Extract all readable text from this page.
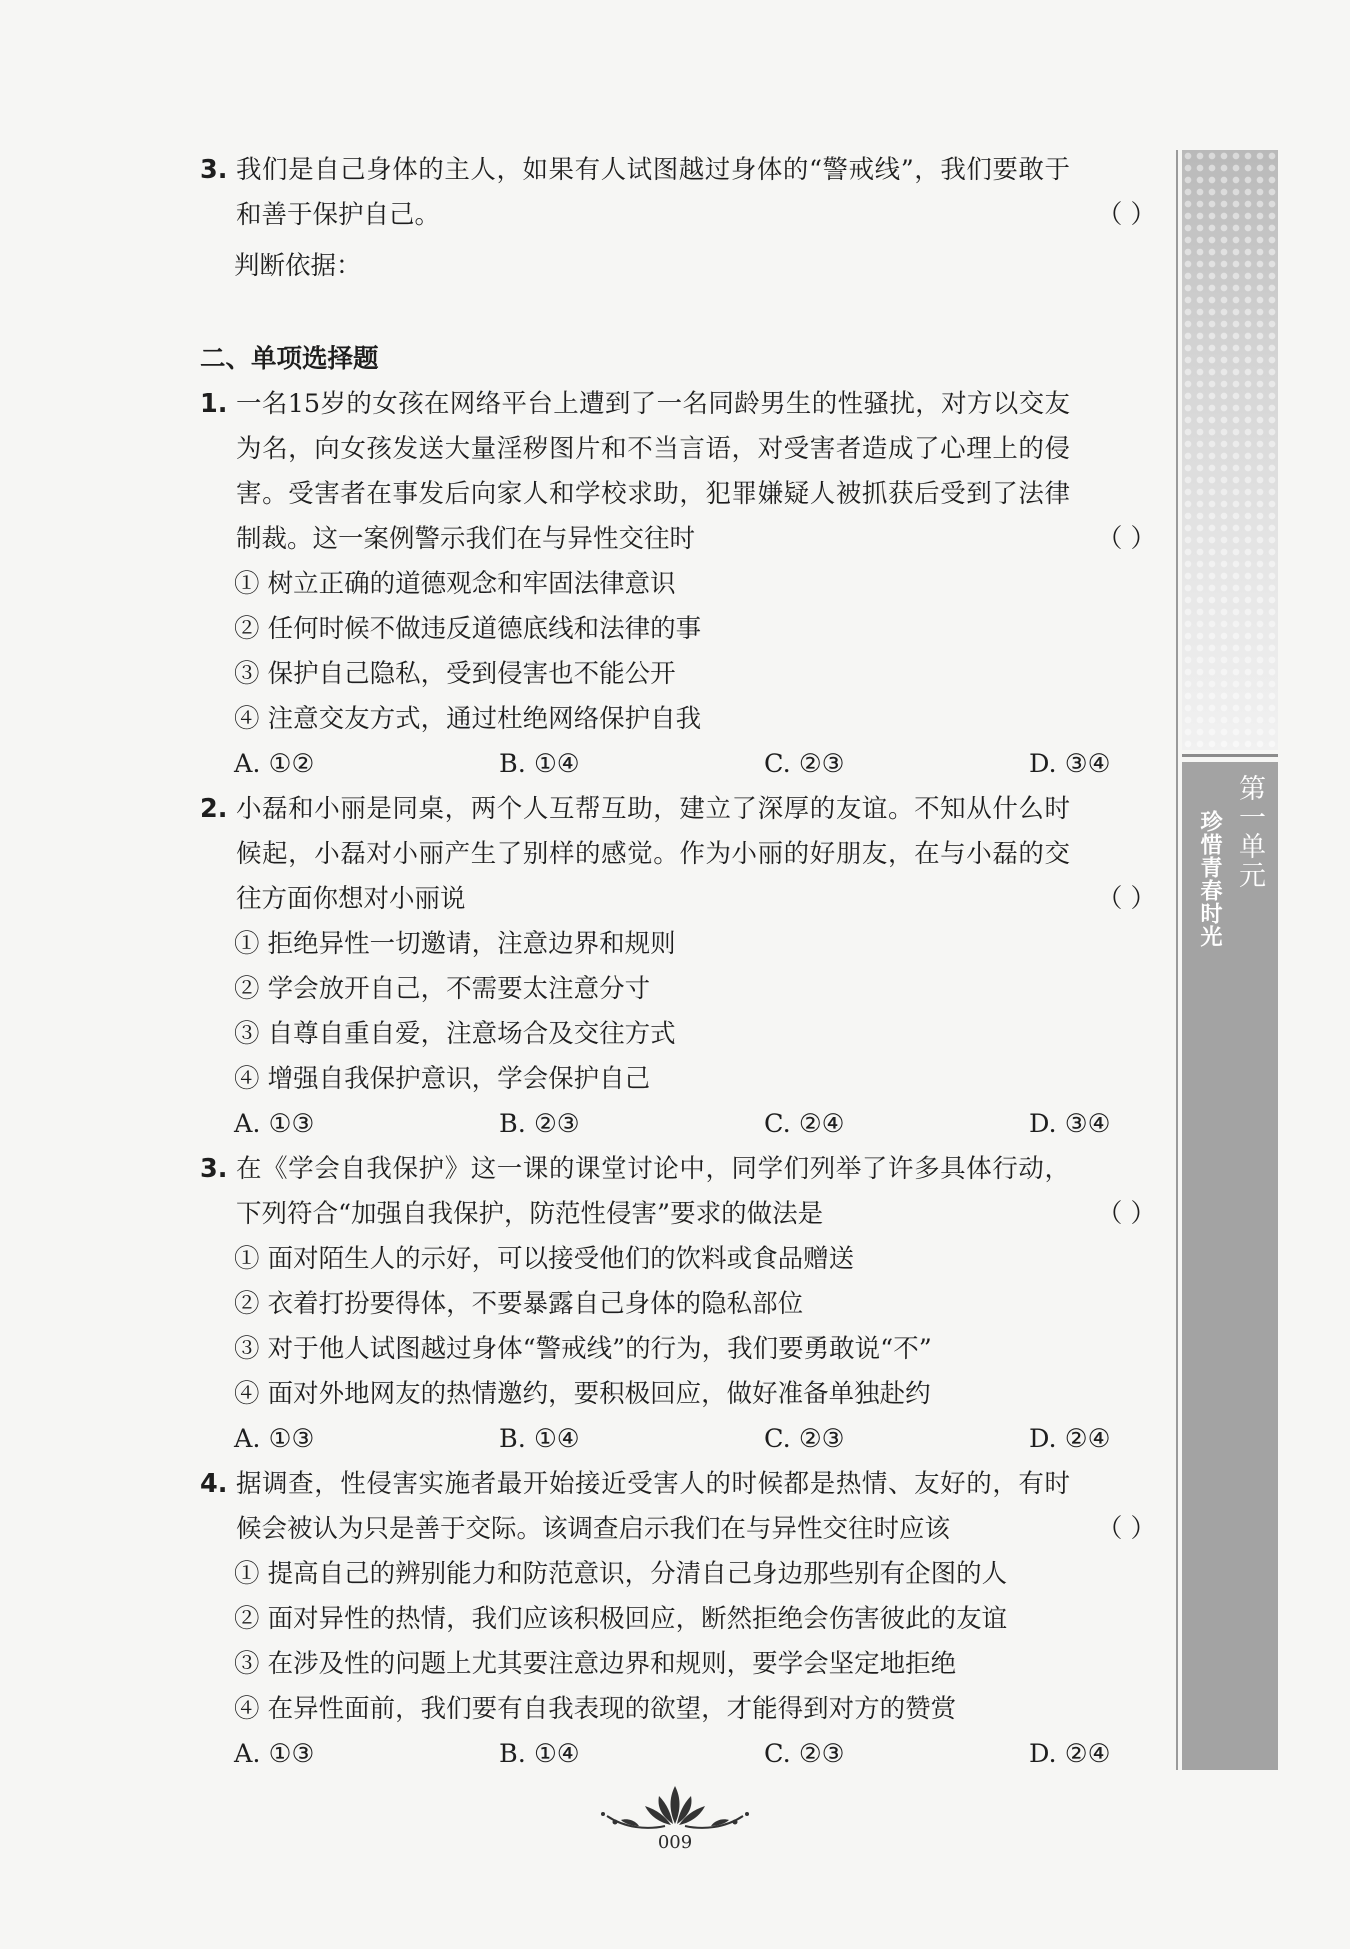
3. 我们是自己身体的主人，如果有人试图越过身体的“警戒线”，我们要敢于和善于保护自己。	（ ）
判断依据：
二、单项选择题
1. 一名15岁的女孩在网络平台上遭到了一名同龄男生的性骚扰，对方以交友为名，向女孩发送大量淫秽图片和不当言语，对受害者造成了心理上的侵害。受害者在事发后向家人和学校求助，犯罪嫌疑人被抓获后受到了法律制裁。这一案例警示我们在与异性交往时	（ ）
① 树立正确的道德观念和牢固法律意识
② 任何时候不做违反道德底线和法律的事
③ 保护自己隐私，受到侵害也不能公开
④ 注意交友方式，通过杜绝网络保护自我
A. ①②	B. ①④	C. ②③	D. ③④
2. 小磊和小丽是同桌，两个人互帮互助，建立了深厚的友谊。不知从什么时候起，小磊对小丽产生了别样的感觉。作为小丽的好朋友，在与小磊的交往方面你想对小丽说	（ ）
① 拒绝异性一切邀请，注意边界和规则
② 学会放开自己，不需要太注意分寸
③ 自尊自重自爱，注意场合及交往方式
④ 增强自我保护意识，学会保护自己
A. ①③	B. ②③	C. ②④	D. ③④
3. 在《学会自我保护》这一课的课堂讨论中，同学们列举了许多具体行动，下列符合“加强自我保护，防范性侵害”要求的做法是	（ ）
① 面对陌生人的示好，可以接受他们的饮料或食品赠送
② 衣着打扮要得体，不要暴露自己身体的隐私部位
③ 对于他人试图越过身体“警戒线”的行为，我们要勇敢说“不”
④ 面对外地网友的热情邀约，要积极回应，做好准备单独赴约
A. ①③	B. ①④	C. ②③	D. ②④
4. 据调查，性侵害实施者最开始接近受害人的时候都是热情、友好的，有时候会被认为只是善于交际。该调查启示我们在与异性交往时应该	（ ）
① 提高自己的辨别能力和防范意识，分清自己身边那些别有企图的人
② 面对异性的热情，我们应该积极回应，断然拒绝会伤害彼此的友谊
③ 在涉及性的问题上尤其要注意边界和规则，要学会坚定地拒绝
④ 在异性面前，我们要有自我表现的欲望，才能得到对方的赞赏
A. ①③	B. ①④	C. ②③	D. ②④
第一单元
珍惜青春时光
009
